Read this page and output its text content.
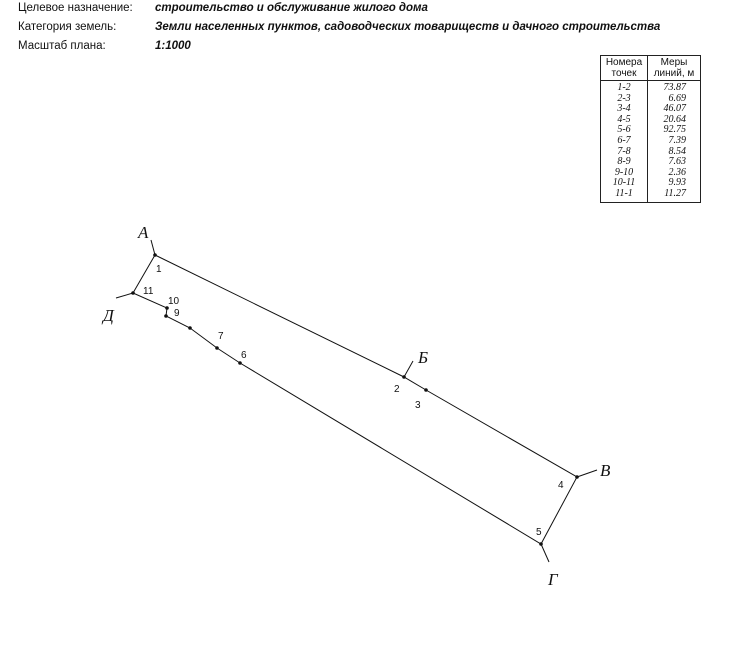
Целевое назначение: строительство и обслуживание жилого дома
Категория земель:	Земли населенных пунктов, садоводческих товариществ и дачного строительства
Масштаб плана:	1:1000
Номера точек	Меры линий, м
1-2	73.87
2-3	6.69
3-4	46.07
4-5	20.64
5-6	92.75
6-7	7.39
7-8	8.54
8-9	7.63
9-10	2.36
10-11	9.93
11-1	11.27
1
2
3
4
5
6
7
9
10
11
А
Б
В
Г
Д
